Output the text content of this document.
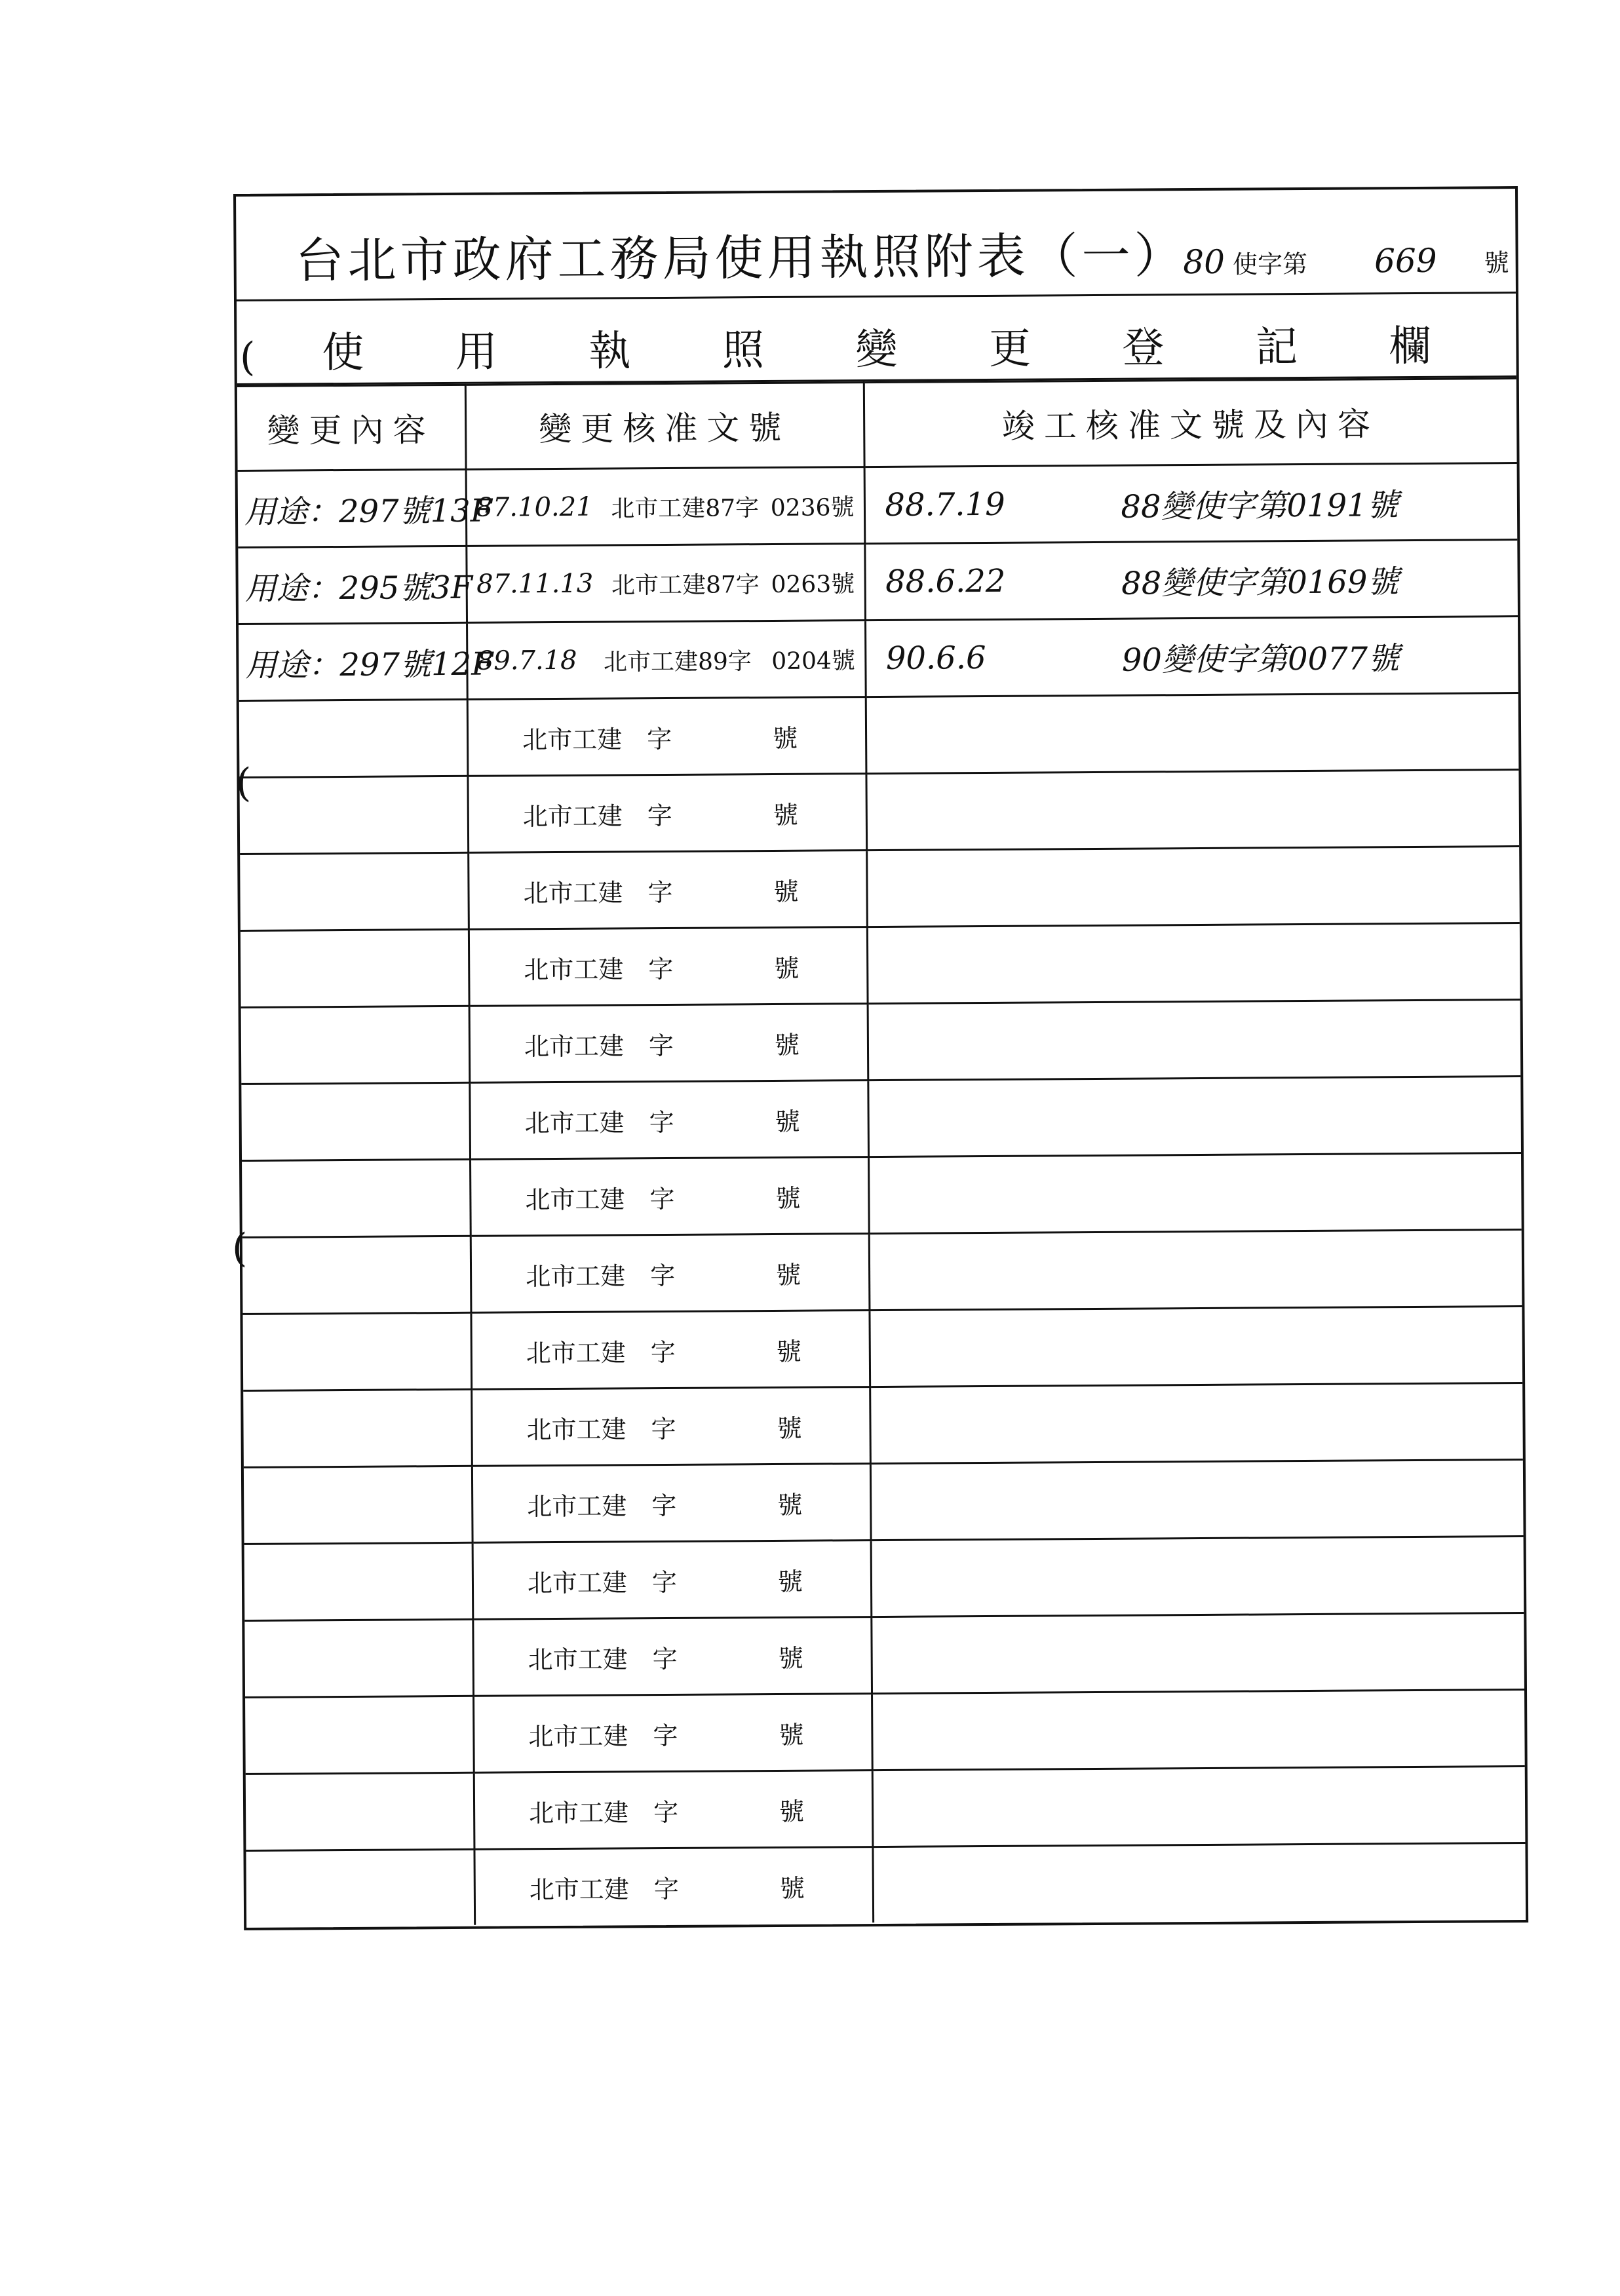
台北市政府工務局使用執照附表（一）
80 使字第 669 號
使 用 執 照 變 更 登 記 欄
變更內容	變更核准文號	竣工核准文號及內容
用途：297號13F	87.10.21 北市工建87字 0236號	88.7.19 88變使字第0191號

用途：295號3F	87.11.13 北市工建87字 0263號	88.6.22 88變使字第0169號

用途：297號12F	89.7.18 北市工建89字 0204號	90.6.6 90變使字第0077號

	北市工建 字 號	

	北市工建 字 號	

	北市工建 字 號	

	北市工建 字 號	

	北市工建 字 號	

	北市工建 字 號	

	北市工建 字 號	

	北市工建 字 號	

	北市工建 字 號	

	北市工建 字 號	

	北市工建 字 號	

	北市工建 字 號	

	北市工建 字 號	

	北市工建 字 號	

	北市工建 字 號	

	北市工建 字 號	

(
(
(
